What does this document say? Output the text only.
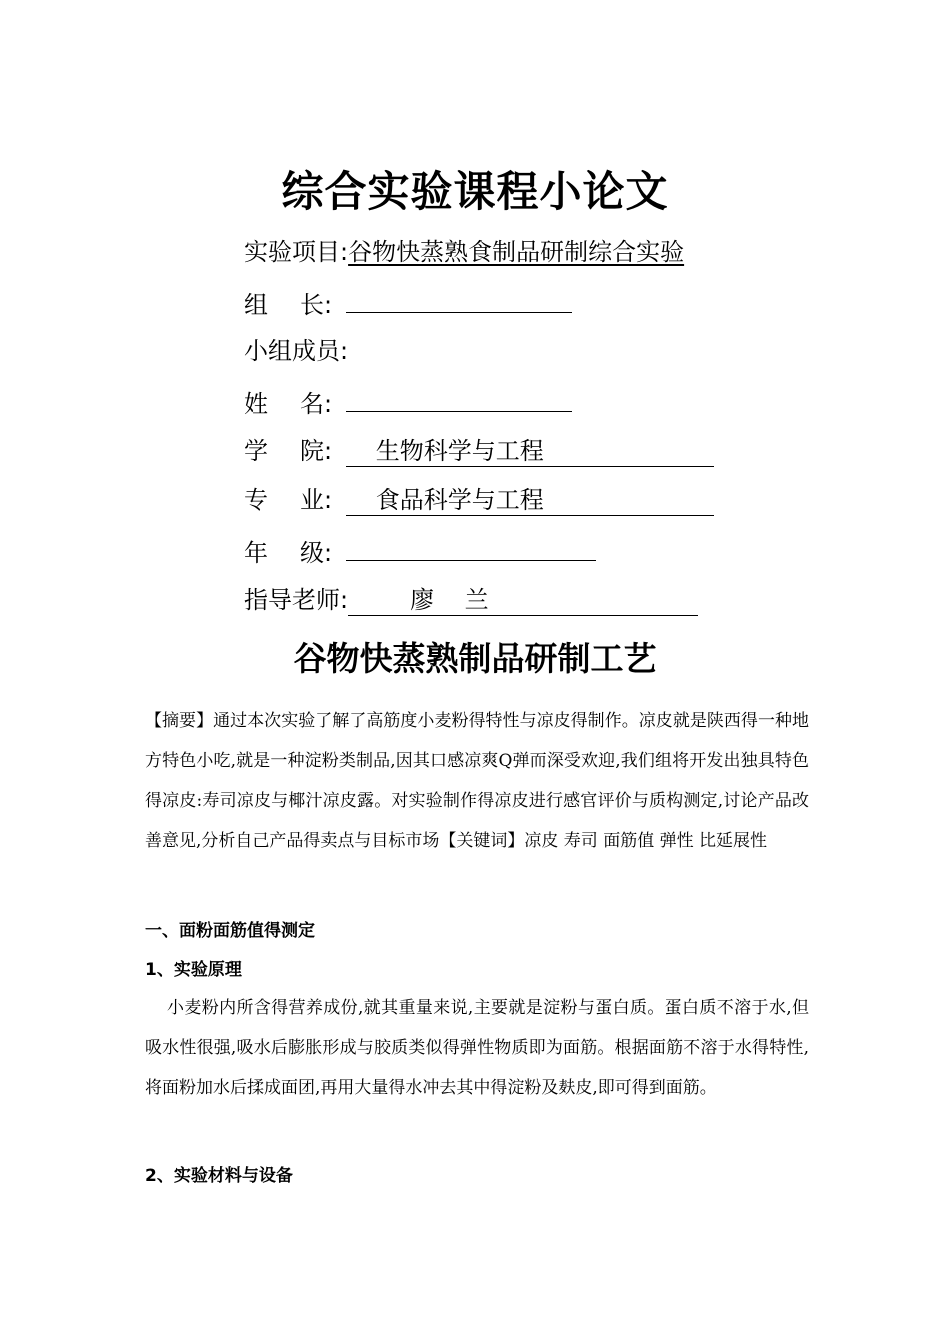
综合实验课程小论文
实验项目:谷物快蒸熟食制品研制综合实验
组 长:
小组成员:
姓 名:
学 院: 生物科学与工程
专 业: 食品科学与工程
年 级:
指导老师:	廖    兰
谷物快蒸熟制品研制工艺
【摘要】通过本次实验了解了高筋度小麦粉得特性与凉皮得制作。凉皮就是陕西得一种地方特色小吃,就是一种淀粉类制品,因其口感凉爽Q弹而深受欢迎,我们组将开发出独具特色得凉皮:寿司凉皮与椰汁凉皮露。对实验制作得凉皮进行感官评价与质构测定,讨论产品改善意见,分析自己产品得卖点与目标市场【关键词】凉皮 寿司 面筋值 弹性 比延展性
一、面粉面筋值得测定
1、实验原理
小麦粉内所含得营养成份,就其重量来说,主要就是淀粉与蛋白质。蛋白质不溶于水,但吸水性很强,吸水后膨胀形成与胶质类似得弹性物质即为面筋。根据面筋不溶于水得特性,将面粉加水后揉成面团,再用大量得水冲去其中得淀粉及麸皮,即可得到面筋。
2、实验材料与设备
